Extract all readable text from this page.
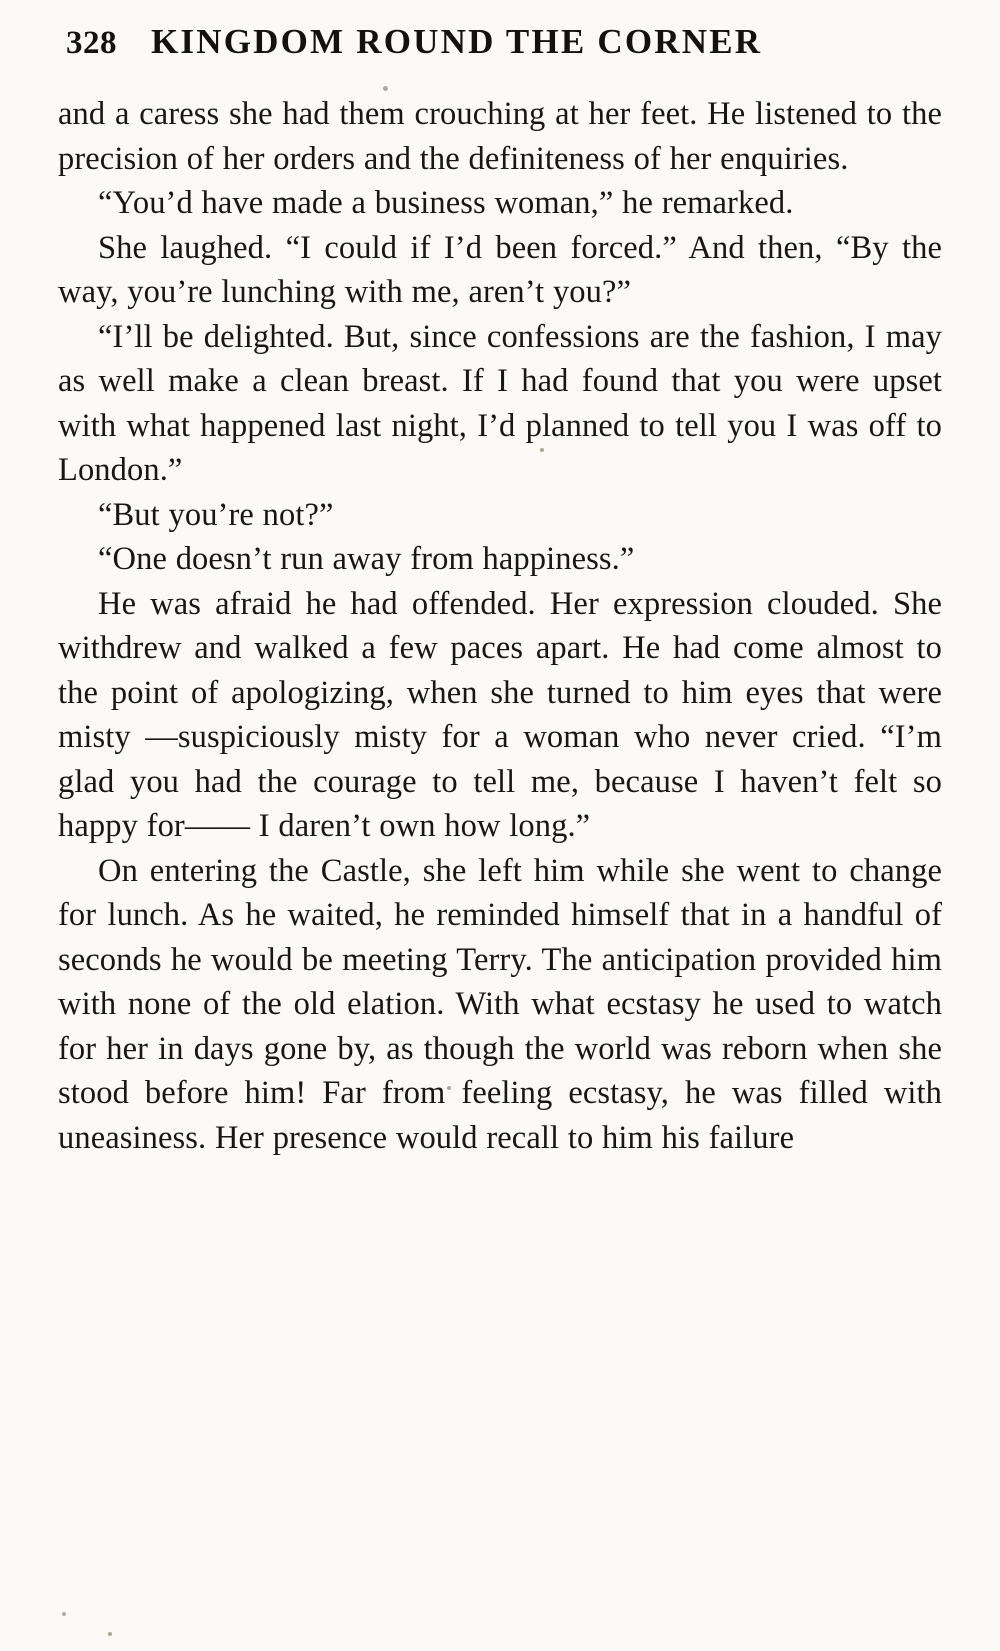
328 KINGDOM ROUND THE CORNER

and a caress she had them crouching at her feet. He listened to the precision of her orders and the definiteness of her enquiries.

“You’d have made a business woman,” he remarked.

She laughed. “I could if I’d been forced.” And then, “By the way, you’re lunching with me, aren’t you?”

“I’ll be delighted. But, since confessions are the fashion, I may as well make a clean breast. If I had found that you were upset with what happened last night, I’d planned to tell you I was off to London.”

“But you’re not?”

“One doesn’t run away from happiness.”

He was afraid he had offended. Her expression clouded. She withdrew and walked a few paces apart. He had come almost to the point of apologizing, when she turned to him eyes that were misty —suspiciously misty for a woman who never cried. “I’m glad you had the courage to tell me, because I haven’t felt so happy for—— I daren’t own how long.”

On entering the Castle, she left him while she went to change for lunch. As he waited, he reminded himself that in a handful of seconds he would be meeting Terry. The anticipation provided him with none of the old elation. With what ecstasy he used to watch for her in days gone by, as though the world was reborn when she stood before him! Far from feeling ecstasy, he was filled with uneasiness. Her presence would recall to him his failure
